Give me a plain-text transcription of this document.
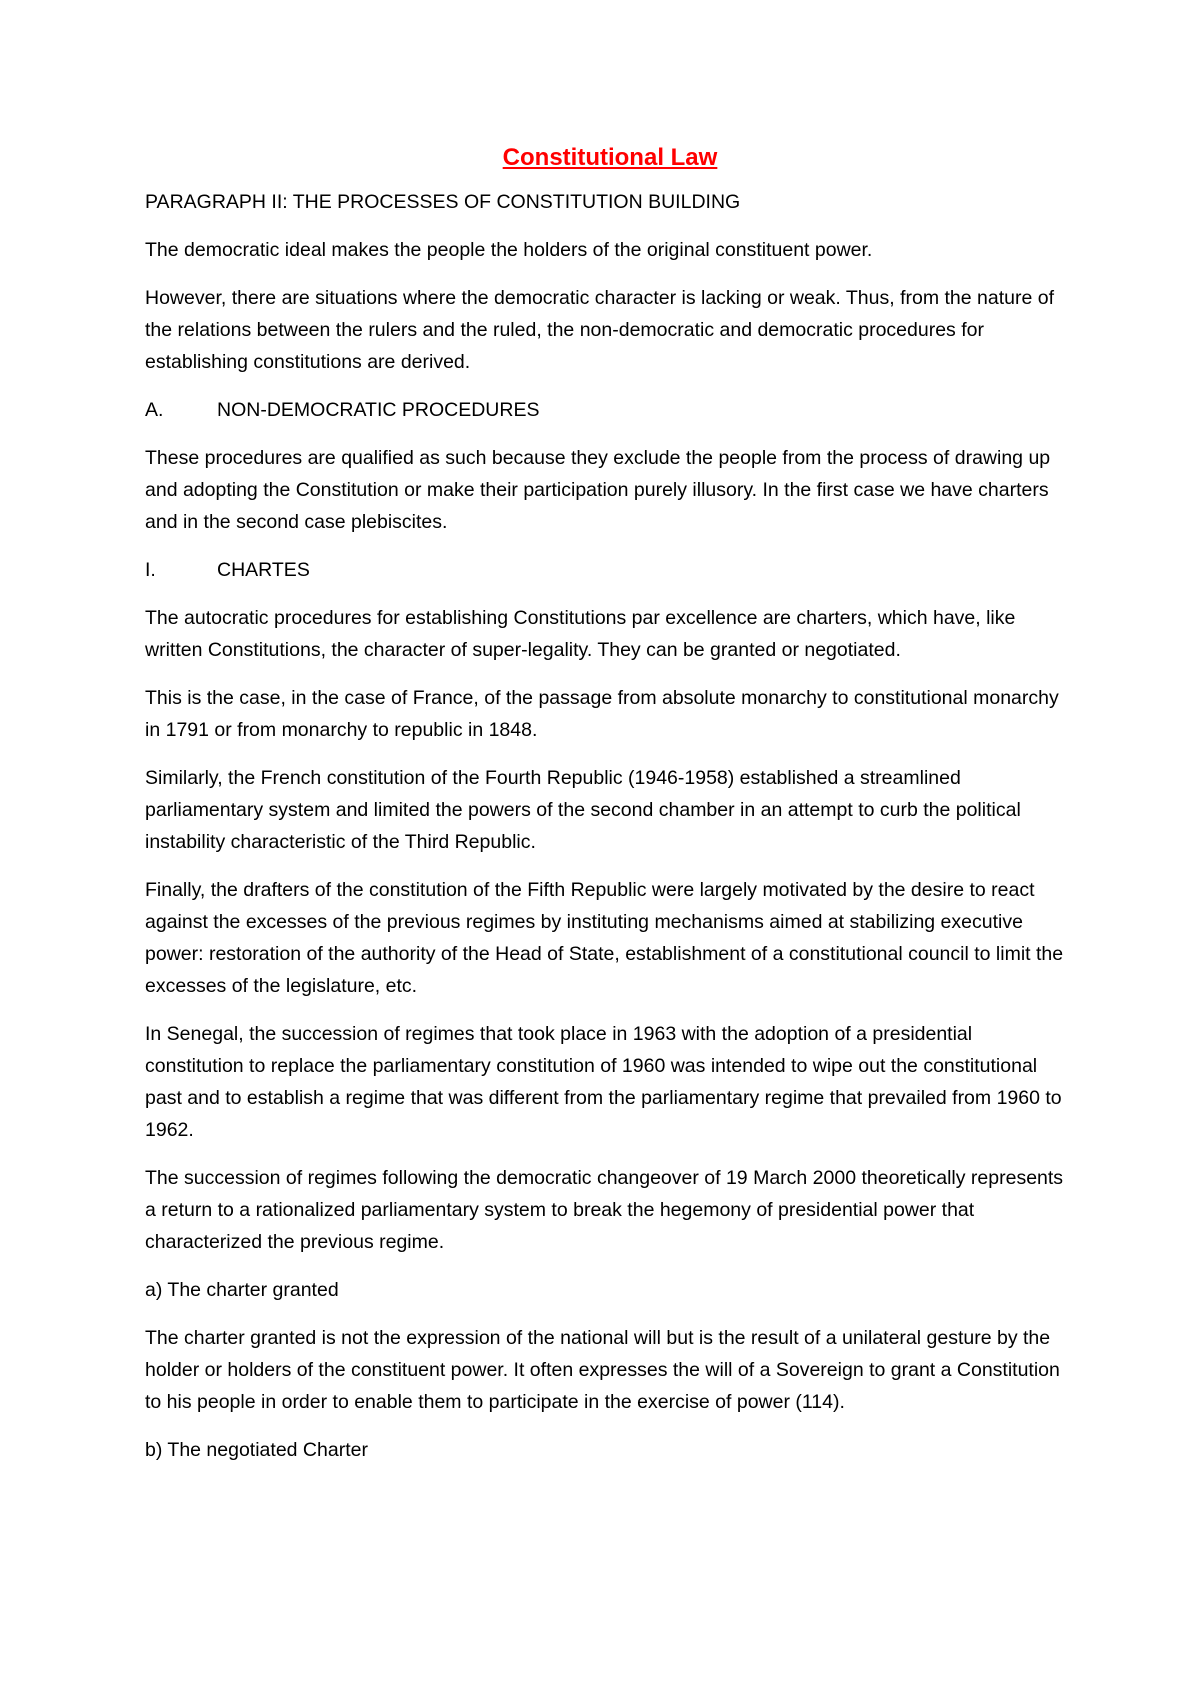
Constitutional Law
PARAGRAPH II: THE PROCESSES OF CONSTITUTION BUILDING
The democratic ideal makes the people the holders of the original constituent power.
However, there are situations where the democratic character is lacking or weak. Thus, from the nature of the relations between the rulers and the ruled, the non-democratic and democratic procedures for establishing constitutions are derived.
A.	NON-DEMOCRATIC PROCEDURES
These procedures are qualified as such because they exclude the people from the process of drawing up and adopting the Constitution or make their participation purely illusory. In the first case we have charters and in the second case plebiscites.
I.	CHARTES
The autocratic procedures for establishing Constitutions par excellence are charters, which have, like written Constitutions, the character of super-legality. They can be granted or negotiated.
This is the case, in the case of France, of the passage from absolute monarchy to constitutional monarchy in 1791 or from monarchy to republic in 1848.
Similarly, the French constitution of the Fourth Republic (1946-1958) established a streamlined parliamentary system and limited the powers of the second chamber in an attempt to curb the political instability characteristic of the Third Republic.
Finally, the drafters of the constitution of the Fifth Republic were largely motivated by the desire to react against the excesses of the previous regimes by instituting mechanisms aimed at stabilizing executive power: restoration of the authority of the Head of State, establishment of a constitutional council to limit the excesses of the legislature, etc.
In Senegal, the succession of regimes that took place in 1963 with the adoption of a presidential constitution to replace the parliamentary constitution of 1960 was intended to wipe out the constitutional past and to establish a regime that was different from the parliamentary regime that prevailed from 1960 to 1962.
The succession of regimes following the democratic changeover of 19 March 2000 theoretically represents a return to a rationalized parliamentary system to break the hegemony of presidential power that characterized the previous regime.
a) The charter granted
The charter granted is not the expression of the national will but is the result of a unilateral gesture by the holder or holders of the constituent power. It often expresses the will of a Sovereign to grant a Constitution to his people in order to enable them to participate in the exercise of power (114).
b) The negotiated Charter
